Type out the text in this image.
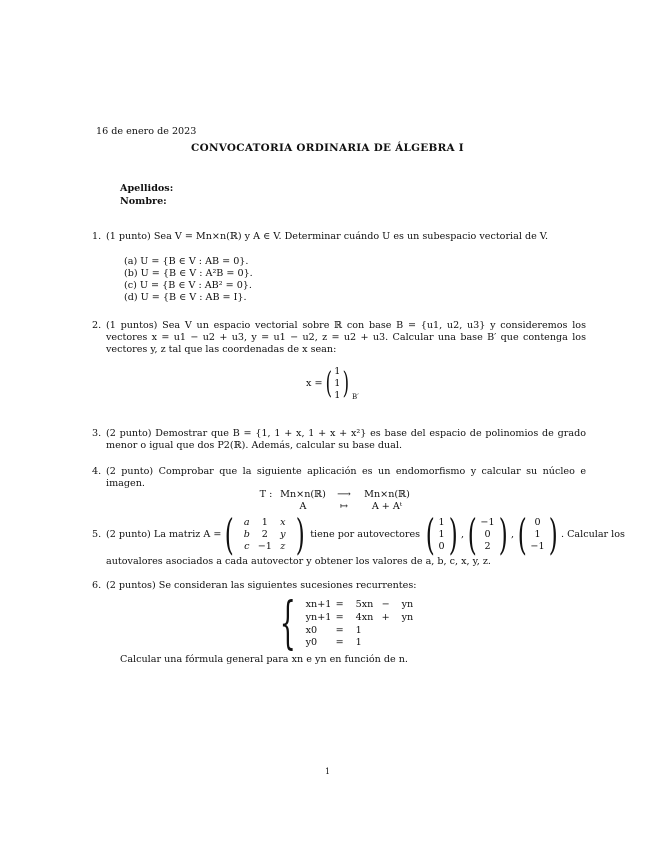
16 de enero de 2023
CONVOCATORIA ORDINARIA DE ÁLGEBRA I
Apellidos:
Nombre:
1. (1 punto) Sea V = Mn×n(ℝ) y A ∈ V. Determinar cuándo U es un subespacio vectorial de V.
(a) U = {B ∈ V : AB = 0}.
(b) U = {B ∈ V : A²B = 0}.
(c) U = {B ∈ V : AB² = 0}.
(d) U = {B ∈ V : AB = I}.
2. (1 puntos) Sea V un espacio vectorial sobre ℝ con base B = {u1, u2, u3} y consideremos los vectores x = u1 − u2 + u3, y = u1 − u2, z = u2 + u3. Calcular una base B′ que contenga los vectores y, z tal que las coordenadas de x sean:
x = ( 1
1
1 ) B′
3. (2 punto) Demostrar que B = {1, 1 + x, 1 + x + x²} es base del espacio de polinomios de grado menor o igual que dos P2(ℝ). Además, calcular su base dual.
4. (2 punto) Comprobar que la siguiente aplicación es un endomorfismo y calcular su núcleo e imagen.
T : Mn×n(ℝ)	⟶	Mn×n(ℝ)
A	↦	A + Aᵗ
5. (2 punto) La matriz A = (	a	1	x
b	2	y
c −1 z ) tiene por autovectores ( 1
1
0 ) , ( −1
0
2 ) , ( 0
1
−1 ) . Calcular los
autovalores asociados a cada autovector y obtener los valores de a, b, c, x, y, z.
6. (2 puntos) Se consideran las siguientes sucesiones recurrentes:
{ xn+1 =	5xn −	yn
yn+1 =	4xn +	yn
x0	=	1
y0	=	1
Calcular una fórmula general para xn e yn en función de n.
1
